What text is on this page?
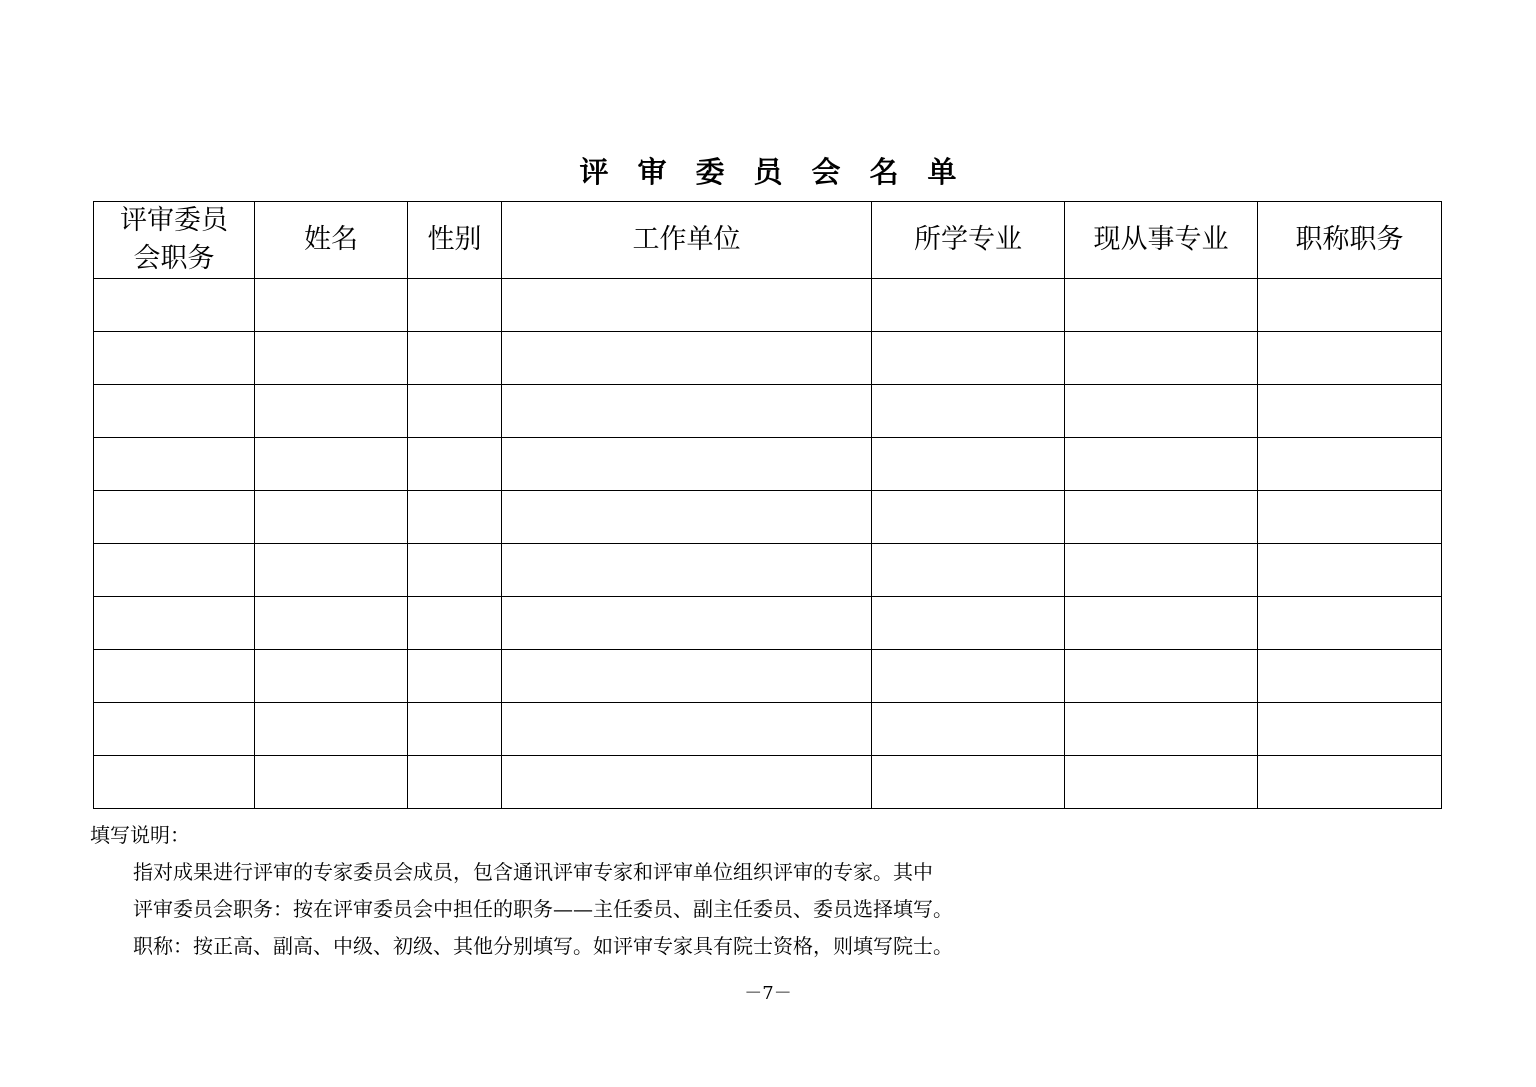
评审委员会名单
评审委员会职务	姓名	性别	工作单位	所学专业	现从事专业	职称职务

填写说明：
指对成果进行评审的专家委员会成员，包含通讯评审专家和评审单位组织评审的专家。其中
评审委员会职务：按在评审委员会中担任的职务——主任委员、副主任委员、委员选择填写。
职称：按正高、副高、中级、初级、其他分别填写。如评审专家具有院士资格，则填写院士。
－7－
